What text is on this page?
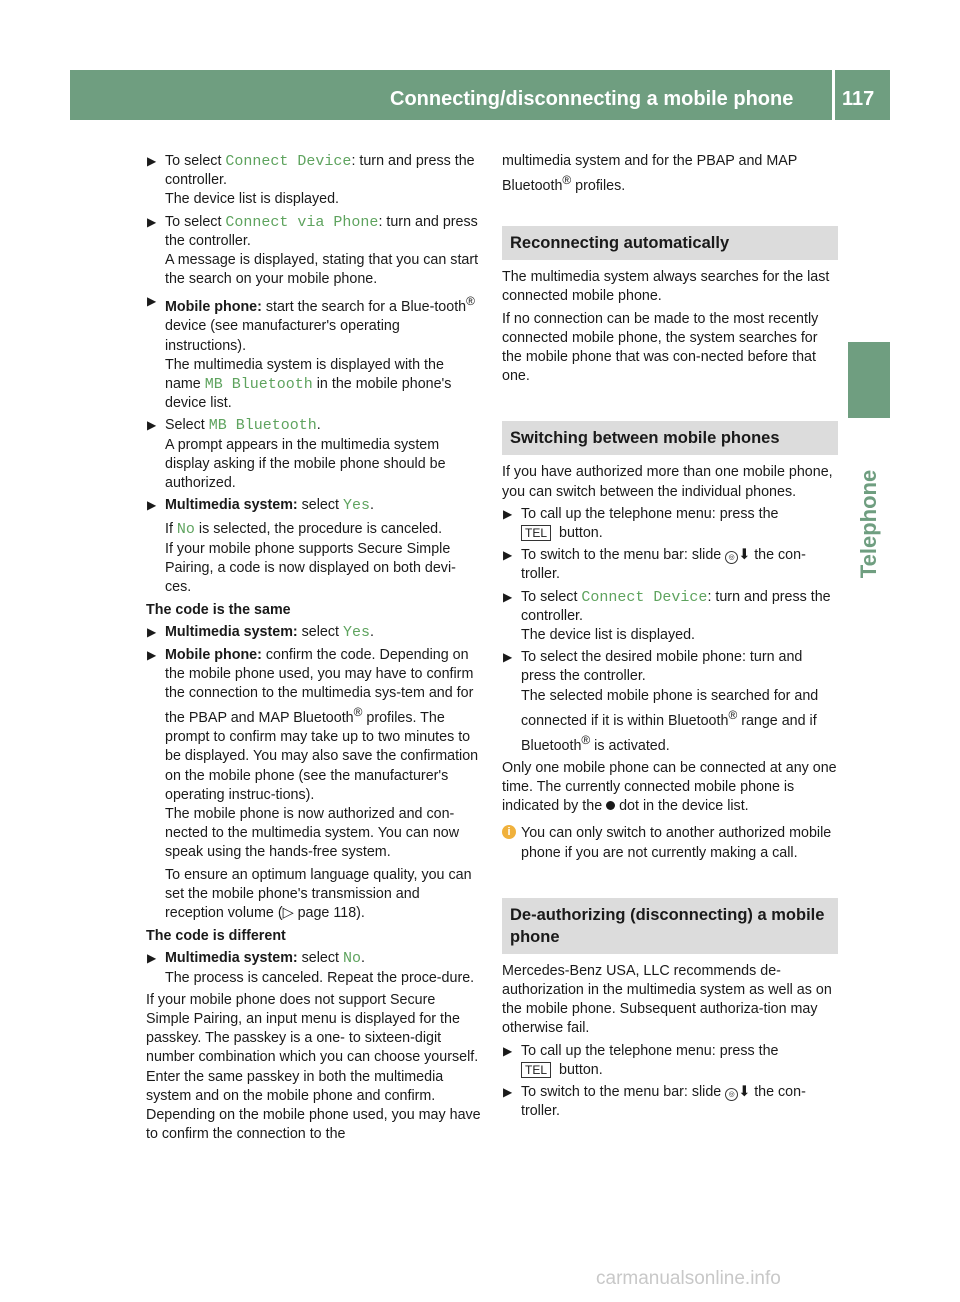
Connecting/disconnecting a mobile phone 117
Telephone
▶ To select Connect Device: turn and press the controller.
The device list is displayed.
▶ To select Connect via Phone: turn and press the controller.
A message is displayed, stating that you can start the search on your mobile phone.
▶ Mobile phone: start the search for a Blue-tooth® device (see manufacturer's operating instructions).
The multimedia system is displayed with the name MB Bluetooth in the mobile phone's device list.
▶ Select MB Bluetooth.
A prompt appears in the multimedia system display asking if the mobile phone should be authorized.
▶ Multimedia system: select Yes.

If No is selected, the procedure is canceled.

If your mobile phone supports Secure Simple Pairing, a code is now displayed on both devi-ces.

The code is the same

▶ Multimedia system: select Yes.
▶ Mobile phone: confirm the code. Depending on the mobile phone used, you may have to confirm the connection to the multimedia sys-tem and for the PBAP and MAP Bluetooth® profiles. The prompt to confirm may take up to two minutes to be displayed. You may also save the confirmation on the mobile phone (see the manufacturer's operating instruc-tions).
The mobile phone is now authorized and con-nected to the multimedia system. You can now speak using the hands-free system.

To ensure an optimum language quality, you can set the mobile phone's transmission and reception volume (▷ page 118).

The code is different

▶ Multimedia system: select No.
The process is canceled. Repeat the proce-dure.

If your mobile phone does not support Secure Simple Pairing, an input menu is displayed for the passkey. The passkey is a one- to sixteen-digit number combination which you can choose yourself. Enter the same passkey in both the multimedia system and on the mobile phone and confirm. Depending on the mobile phone used, you may have to confirm the connection to the

multimedia system and for the PBAP and MAP Bluetooth® profiles.

Reconnecting automatically

The multimedia system always searches for the last connected mobile phone.

If no connection can be made to the most recently connected mobile phone, the system searches for the mobile phone that was con-nected before that one.

Switching between mobile phones

If you have authorized more than one mobile phone, you can switch between the individual phones.

▶ To call up the telephone menu: press the
TEL button.
▶ To switch to the menu bar: slide ◎ ⬇ the con-troller.
▶ To select Connect Device: turn and press the controller.
The device list is displayed.
▶ To select the desired mobile phone: turn and press the controller.
The selected mobile phone is searched for and connected if it is within Bluetooth® range and if Bluetooth® is activated.

Only one mobile phone can be connected at any one time. The currently connected mobile phone is indicated by the  dot in the device list.

i You can only switch to another authorized mobile phone if you are not currently making a call.
De-authorizing (disconnecting) a mobile phone

Mercedes-Benz USA, LLC recommends de-authorization in the multimedia system as well as on the mobile phone. Subsequent authoriza-tion may otherwise fail.

▶ To call up the telephone menu: press the
TEL button.
▶ To switch to the menu bar: slide ◎ ⬇ the con-troller.
carmanualsonline.info
